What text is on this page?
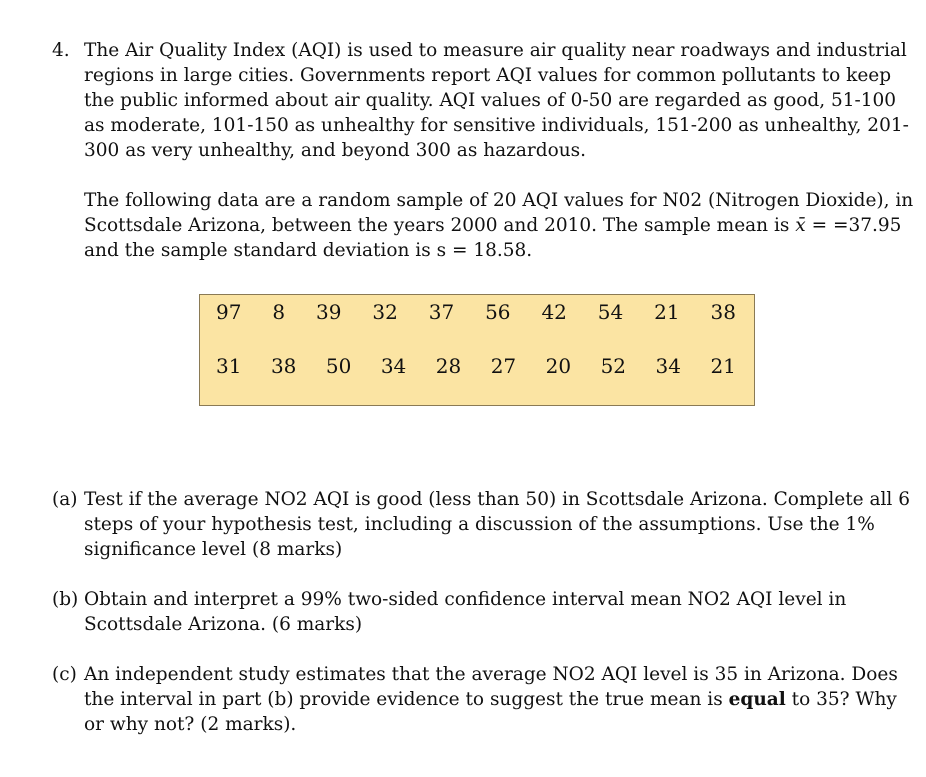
4. The Air Quality Index (AQI) is used to measure air quality near roadways and industrial regions in large cities. Governments report AQI values for common pollutants to keep the public informed about air quality. AQI values of 0-50 are regarded as good, 51-100 as moderate, 101-150 as unhealthy for sensitive individuals, 151-200 as unhealthy, 201-300 as very unhealthy, and beyond 300 as hazardous.

The following data are a random sample of 20 AQI values for N02 (Nitrogen Dioxide), in Scottsdale Arizona, between the years 2000 and 2010. The sample mean is x̄ = =37.95 and the sample standard deviation is s = 18.58.

97 8 39 32 37 56 42 54 21 38
31 38 50 34 28 27 20 52 34 21
(a) Test if the average NO2 AQI is good (less than 50) in Scottsdale Arizona. Complete all 6 steps of your hypothesis test, including a discussion of the assumptions. Use the 1% significance level (8 marks)
(b) Obtain and interpret a 99% two-sided confidence interval mean NO2 AQI level in Scottsdale Arizona. (6 marks)
(c) An independent study estimates that the average NO2 AQI level is 35 in Arizona. Does the interval in part (b) provide evidence to suggest the true mean is equal to 35? Why or why not? (2 marks).
